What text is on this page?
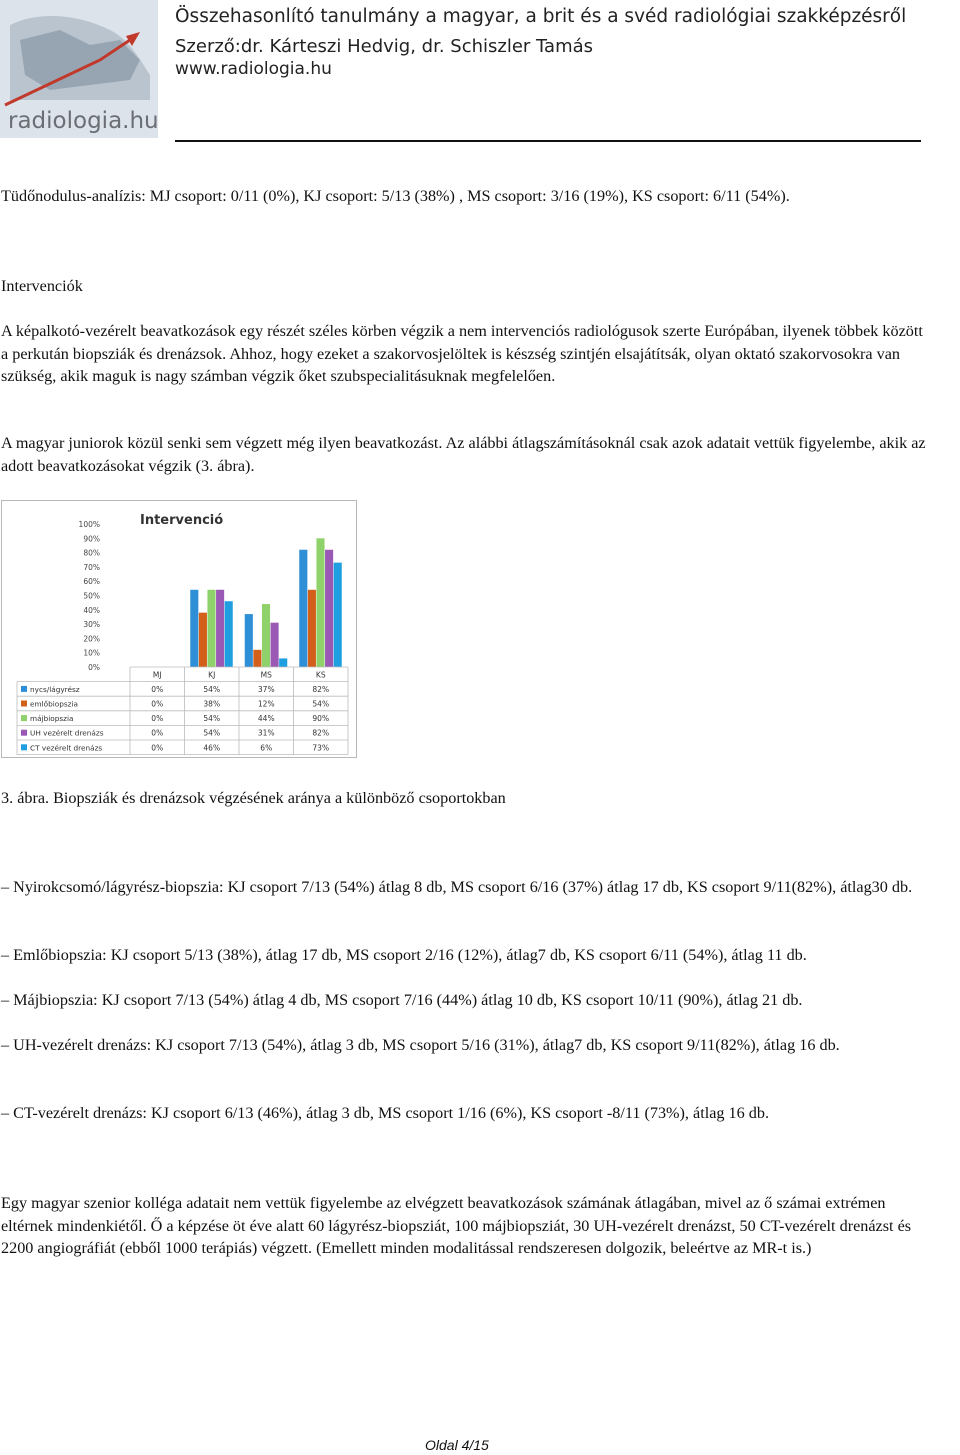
radiologia.hu
Összehasonlító tanulmány a magyar, a brit és a svéd radiológiai szakképzésről
Szerző:dr. Kárteszi Hedvig, dr. Schiszler Tamás
www.radiologia.hu

Tüdőnodulus-analízis: MJ csoport: 0/11 (0%), KJ csoport: 5/13 (38%) , MS csoport: 3/16 (19%), KS csoport: 6/11 (54%).

Intervenciók

A képalkotó-vezérelt beavatkozások egy részét széles körben végzik a nem intervenciós radiológusok szerte Európában, ilyenek többek között a perkután biopsziák és drenázsok. Ahhoz, hogy ezeket a szakorvosjelöltek is készség szintjén elsajátítsák, olyan oktató szakorvosokra van szükség, akik maguk is nagy számban végzik őket szubspecialitásuknak megfelelően.

A magyar juniorok közül senki sem végzett még ilyen beavatkozást. Az alábbi átlagszámításoknál csak azok adatait vettük figyelembe, akik az adott beavatkozásokat végzik (3. ábra).

Intervenció
100%
90%
80%
70%
60%
50%
40%
30%
20%
10%
0%
MJ	KJ	MS	KS
nycs/lágyrész	0%	54%	37%	82%
emlőbiopszia	0%	38%	12%	54%
májbiopszia	0%	54%	44%	90%
UH vezérelt drenázs	0%	54%	31%	82%
CT vezérelt drenázs	0%	46%	6%	73%

3. ábra. Biopsziák és drenázsok végzésének aránya a különböző csoportokban

– Nyirokcsomó/lágyrész-biopszia: KJ csoport 7/13 (54%) átlag 8 db, MS csoport 6/16 (37%) átlag 17 db, KS csoport 9/11(82%), átlag30 db.

– Emlőbiopszia: KJ csoport 5/13 (38%), átlag 17 db, MS csoport 2/16 (12%), átlag7 db, KS csoport 6/11 (54%), átlag 11 db.

– Májbiopszia: KJ csoport 7/13 (54%) átlag 4 db, MS csoport 7/16 (44%) átlag 10 db, KS csoport 10/11 (90%), átlag 21 db.

– UH-vezérelt drenázs: KJ csoport 7/13 (54%), átlag 3 db, MS csoport 5/16 (31%), átlag7 db, KS csoport 9/11(82%), átlag 16 db.

– CT-vezérelt drenázs: KJ csoport 6/13 (46%), átlag 3 db, MS csoport 1/16 (6%), KS csoport -8/11 (73%), átlag 16 db.

Egy magyar szenior kolléga adatait nem vettük figyelembe az elvégzett beavatkozások számának átlagában, mivel az ő számai extrémen eltérnek mindenkiétől. Ő a képzése öt éve alatt 60 lágyrész-biopsziát, 100 májbiopsziát, 30 UH-vezérelt drenázst, 50 CT-vezérelt drenázst és 2200 angiográfiát (ebből 1000 terápiás) végzett. (Emellett minden modalitással rendszeresen dolgozik, beleértve az MR-t is.)

Oldal 4/15
